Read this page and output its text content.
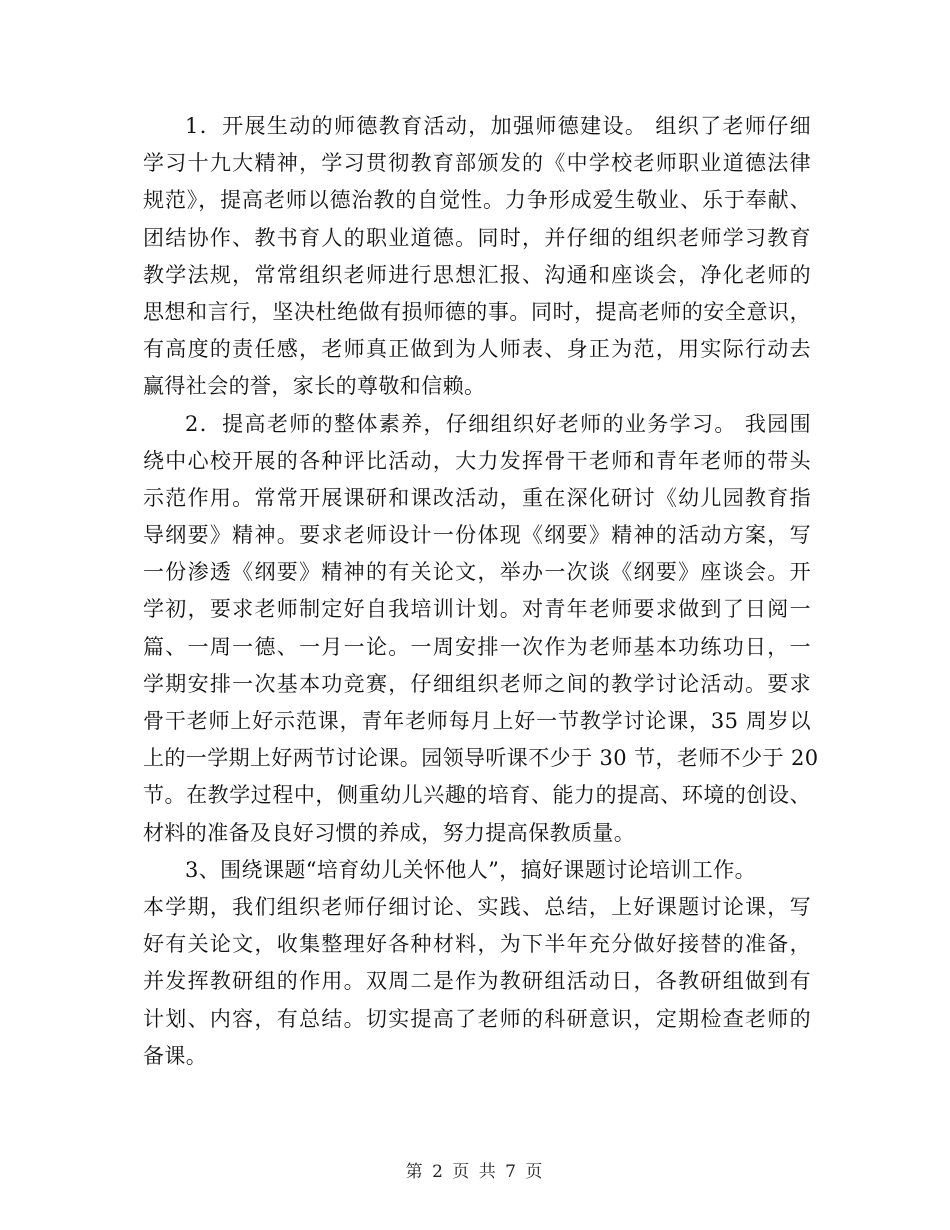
1．开展生动的师德教育活动，加强师德建设。 组织了老师仔细
学习十九大精神，学习贯彻教育部颁发的《中学校老师职业道德法律
规范》，提高老师以德治教的自觉性。力争形成爱生敬业、乐于奉献、
团结协作、教书育人的职业道德。同时，并仔细的组织老师学习教育
教学法规，常常组织老师进行思想汇报、沟通和座谈会，净化老师的
思想和言行，坚决杜绝做有损师德的事。同时，提高老师的安全意识，
有高度的责任感，老师真正做到为人师表、身正为范，用实际行动去
赢得社会的誉，家长的尊敬和信赖。
2．提高老师的整体素养，仔细组织好老师的业务学习。 我园围
绕中心校开展的各种评比活动，大力发挥骨干老师和青年老师的带头
示范作用。常常开展课研和课改活动，重在深化研讨《幼儿园教育指
导纲要》精神。要求老师设计一份体现《纲要》精神的活动方案，写
一份渗透《纲要》精神的有关论文，举办一次谈《纲要》座谈会。开
学初，要求老师制定好自我培训计划。对青年老师要求做到了日阅一
篇、一周一德、一月一论。一周安排一次作为老师基本功练功日，一
学期安排一次基本功竞赛，仔细组织老师之间的教学讨论活动。要求
骨干老师上好示范课，青年老师每月上好一节教学讨论课，35 周岁以
上的一学期上好两节讨论课。园领导听课不少于 30 节，老师不少于 20
节。在教学过程中，侧重幼儿兴趣的培育、能力的提高、环境的创设、
材料的准备及良好习惯的养成，努力提高保教质量。
3、围绕课题“培育幼儿关怀他人”，搞好课题讨论培训工作。
本学期，我们组织老师仔细讨论、实践、总结，上好课题讨论课，写
好有关论文，收集整理好各种材料，为下半年充分做好接替的准备，
并发挥教研组的作用。双周二是作为教研组活动日，各教研组做到有
计划、内容，有总结。切实提高了老师的科研意识，定期检查老师的
备课。
第 2 页 共 7 页
